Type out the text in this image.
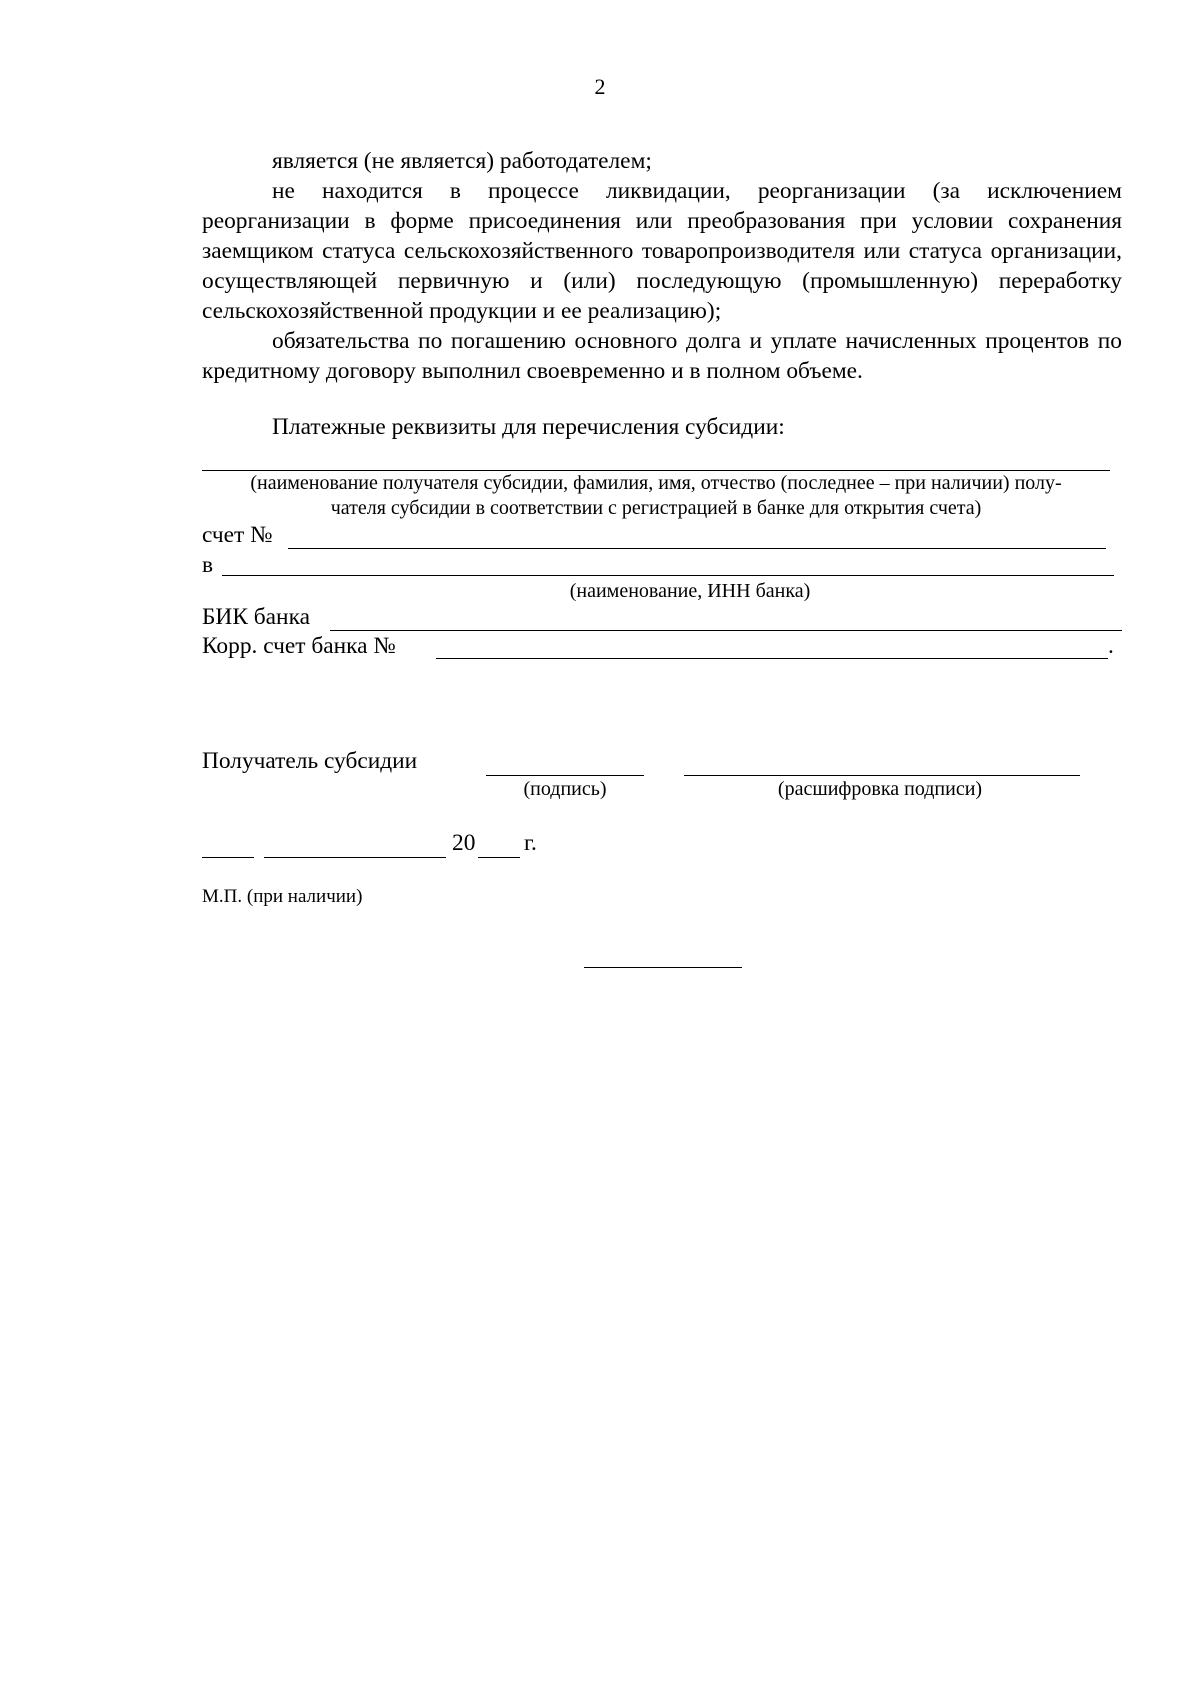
2

является (не является) работодателем;

не находится в процессе ликвидации, реорганизации (за исключением реорганизации в форме присоединения или преобразования при условии сохранения заемщиком статуса сельскохозяйственного товаропроизводителя или статуса организации, осуществляющей первичную и (или) последующую (промышленную) переработку сельскохозяйственной продукции и ее реализацию);

обязательства по погашению основного долга и уплате начисленных процентов по кредитному договору выполнил своевременно и в полном объеме.

Платежные реквизиты для перечисления субсидии:
(наименование получателя субсидии, фамилия, имя, отчество (последнее – при наличии) полу-
чателя субсидии в соответствии с регистрацией в банке для открытия счета)
счет №
в
(наименование, ИНН банка)
БИК банка
Корр. счет банка №	.
Получатель субсидии
(подпись)	(расшифровка подписи)
20 г.
М.П. (при наличии)
